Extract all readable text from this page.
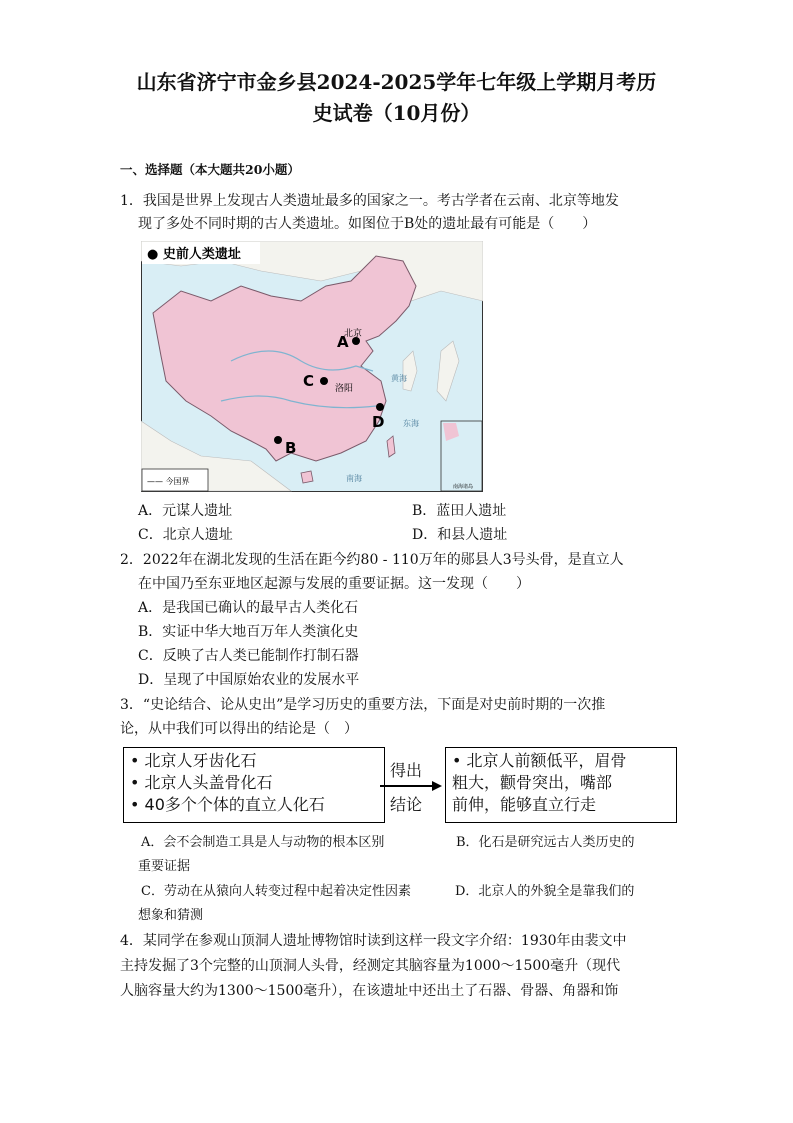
山东省济宁市金乡县2024-2025学年七年级上学期月考历
史试卷（10月份）
一、选择题（本大题共20小题）
1．我国是世界上发现古人类遗址最多的国家之一。考古学者在云南、北京等地发
现了多处不同时期的古人类遗址。如图位于B处的遗址最有可能是（　　）
● 史前人类遗址
A
北京
C 洛阳
D
B
黄海
东海
南海
—— 今国界
南海诸岛
A．元谋人遗址	B．蓝田人遗址
C．北京人遗址	D．和县人遗址
2．2022年在湖北发现的生活在距今约80 - 110万年的郧县人3号头骨，是直立人
在中国乃至东亚地区起源与发展的重要证据。这一发现（　　）
A．是我国已确认的最早古人类化石
B．实证中华大地百万年人类演化史
C．反映了古人类已能制作打制石器
D．呈现了中国原始农业的发展水平
3．“史论结合、论从史出”是学习历史的重要方法，下面是对史前时期的一次推
论，从中我们可以得出的结论是（　）
• 北京人牙齿化石
• 北京人头盖骨化石
• 40多个个体的直立人化石
得出
结论
• 北京人前额低平，眉骨
粗大，颧骨突出，嘴部
前伸，能够直立行走
A．会不会制造工具是人与动物的根本区别	B．化石是研究远古人类历史的
重要证据
C．劳动在从猿向人转变过程中起着决定性因素	D．北京人的外貌全是靠我们的
想象和猜测
4．某同学在参观山顶洞人遗址博物馆时读到这样一段文字介绍：1930年由裴文中
主持发掘了3个完整的山顶洞人头骨，经测定其脑容量为1000～1500毫升（现代
人脑容量大约为1300～1500毫升），在该遗址中还出土了石器、骨器、角器和饰
